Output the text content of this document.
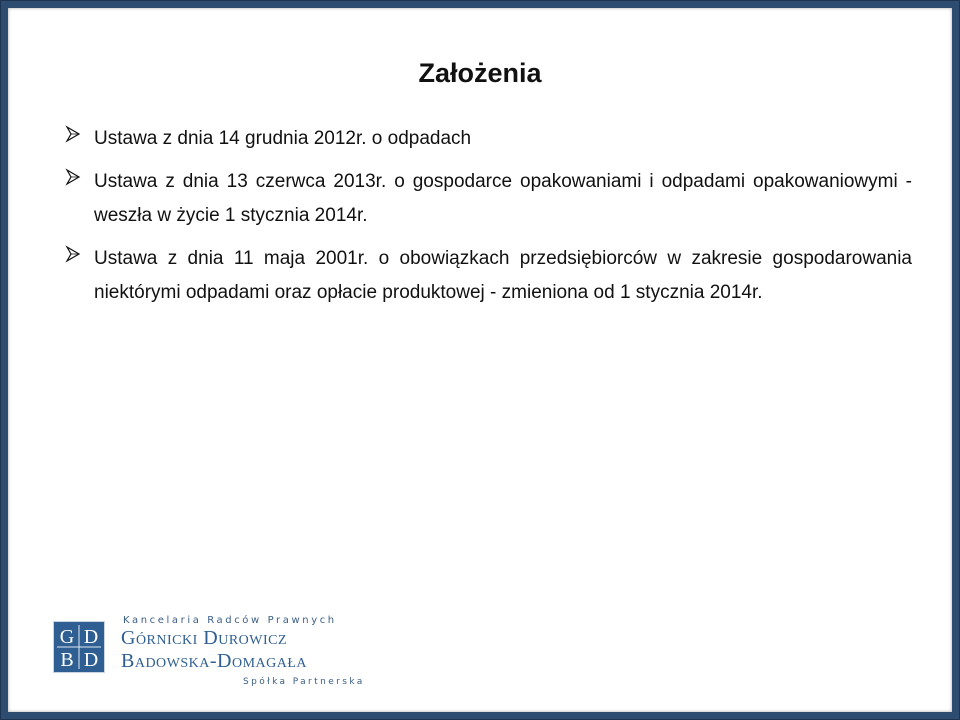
Założenia
Ustawa z dnia 14 grudnia 2012r. o odpadach
Ustawa z dnia 13 czerwca 2013r. o gospodarce opakowaniami i odpadami opakowaniowymi - weszła w życie 1 stycznia 2014r.
Ustawa z dnia 11 maja 2001r. o obowiązkach przedsiębiorców w zakresie gospodarowania niektórymi odpadami oraz opłacie produktowej - zmieniona od 1 stycznia 2014r.
G D
B D
Kancelaria Radców Prawnych
Górnicki Durowicz
Badowska-Domagała
Spółka Partnerska
